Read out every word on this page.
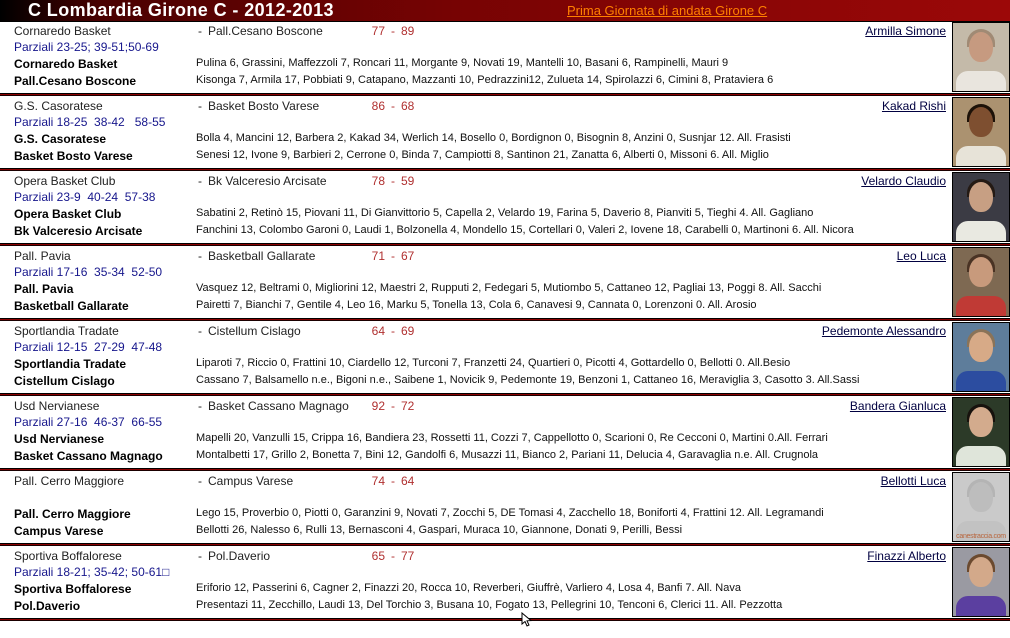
C Lombardia Girone C - 2012-2013	Prima Giornata di andata Girone C
Cornaredo Basket	- Pall.Cesano Boscone	77 - 89	Armilla Simone
Parziali 23-25; 39-51;50-69
Cornaredo Basket	Pulina 6, Grassini, Maffezzoli 7, Roncari 11, Morgante 9, Novati 19, Mantelli 10, Basani 6, Rampinelli, Mauri 9
Pall.Cesano Boscone	Kisonga 7, Armila 17, Pobbiati 9, Catapano, Mazzanti 10, Pedrazzini12, Zulueta 14, Spirolazzi 6, Cimini 8, Prataviera 6
G.S. Casoratese	- Basket Bosto Varese	86 - 68	Kakad Rishi
Parziali 18-25  38-42   58-55
G.S. Casoratese	Bolla 4, Mancini 12, Barbera 2, Kakad 34, Werlich 14, Bosello 0, Bordignon 0, Bisognin 8, Anzini 0, Susnjar 12. All. Frasisti
Basket Bosto Varese	Senesi 12, Ivone 9, Barbieri 2, Cerrone 0, Binda 7, Campiotti 8, Santinon 21, Zanatta 6, Alberti 0, Missoni 6. All. Miglio
Opera Basket Club	- Bk Valceresio Arcisate	78 - 59	Velardo Claudio
Parziali 23-9  40-24  57-38
Opera Basket Club	Sabatini 2, Retinò 15, Piovani 11, Di Gianvittorio 5, Capella 2, Velardo 19, Farina 5, Daverio 8, Pianviti 5, Tieghi 4. All. Gagliano
Bk Valceresio Arcisate	Fanchini 13, Colombo Garoni 0, Laudi 1, Bolzonella 4, Mondello 15, Cortellari 0, Valeri 2, Iovene 18, Carabelli 0, Martinoni 6. All. Nicora
Pall. Pavia	- Basketball Gallarate	71 - 67	Leo Luca
Parziali 17-16  35-34  52-50
Pall. Pavia	Vasquez 12, Beltrami 0, Migliorini 12, Maestri 2, Rupputi 2, Fedegari 5, Mutiombo 5, Cattaneo 12, Pagliai 13, Poggi 8. All. Sacchi
Basketball Gallarate	Pairetti 7, Bianchi 7, Gentile 4, Leo 16, Marku 5, Tonella 13, Cola 6, Canavesi 9, Cannata 0, Lorenzoni 0. All. Arosio
Sportlandia Tradate	- Cistellum Cislago	64 - 69	Pedemonte Alessandro
Parziali 12-15  27-29  47-48
Sportlandia Tradate	Liparoti 7, Riccio 0, Frattini 10, Ciardello 12, Turconi 7, Franzetti 24, Quartieri 0, Picotti 4, Gottardello 0, Bellotti 0. All.Besio
Cistellum Cislago	Cassano 7, Balsamello n.e., Bigoni n.e., Saibene 1, Novicik 9, Pedemonte 19, Benzoni 1, Cattaneo 16, Meraviglia 3, Casotto 3. All.Sassi
Usd Nervianese	- Basket Cassano Magnago	92 - 72	Bandera Gianluca
Parziali 27-16  46-37  66-55
Usd Nervianese	Mapelli 20, Vanzulli 15, Crippa 16, Bandiera 23, Rossetti 11, Cozzi 7, Cappellotto 0, Scarioni 0, Re Cecconi 0, Martini 0.All. Ferrari
Basket Cassano Magnago	Montalbetti 17, Grillo 2, Bonetta 7, Bini 12, Gandolfi 6, Musazzi 11, Bianco 2, Pariani 11, Delucia 4, Garavaglia n.e. All. Crugnola
Pall. Cerro Maggiore	- Campus Varese	74 - 64	Bellotti Luca
Pall. Cerro Maggiore	Lego 15, Proverbio 0, Piotti 0, Garanzini 9, Novati 7, Zocchi 5, DE Tomasi 4, Zacchello 18, Boniforti 4, Frattini 12. All. Legramandi
Campus Varese	Bellotti 26, Nalesso 6, Rulli 13, Bernasconi 4, Gaspari, Muraca 10, Giannone, Donati 9, Perilli, Bessi
canestraccia.com
Sportiva Boffalorese	- Pol.Daverio	65 - 77	Finazzi Alberto
Parziali 18-21; 35-42; 50-61□
Sportiva Boffalorese	Eriforio 12, Passerini 6, Cagner 2, Finazzi 20, Rocca 10, Reverberi, Giuffrè, Varliero 4, Losa 4, Banfi 7. All. Nava
Pol.Daverio	Presentazi 11, Zecchillo, Laudi 13, Del Torchio 3, Busana 10, Fogato 13, Pellegrini 10, Tenconi 6, Clerici 11. All. Pezzotta
